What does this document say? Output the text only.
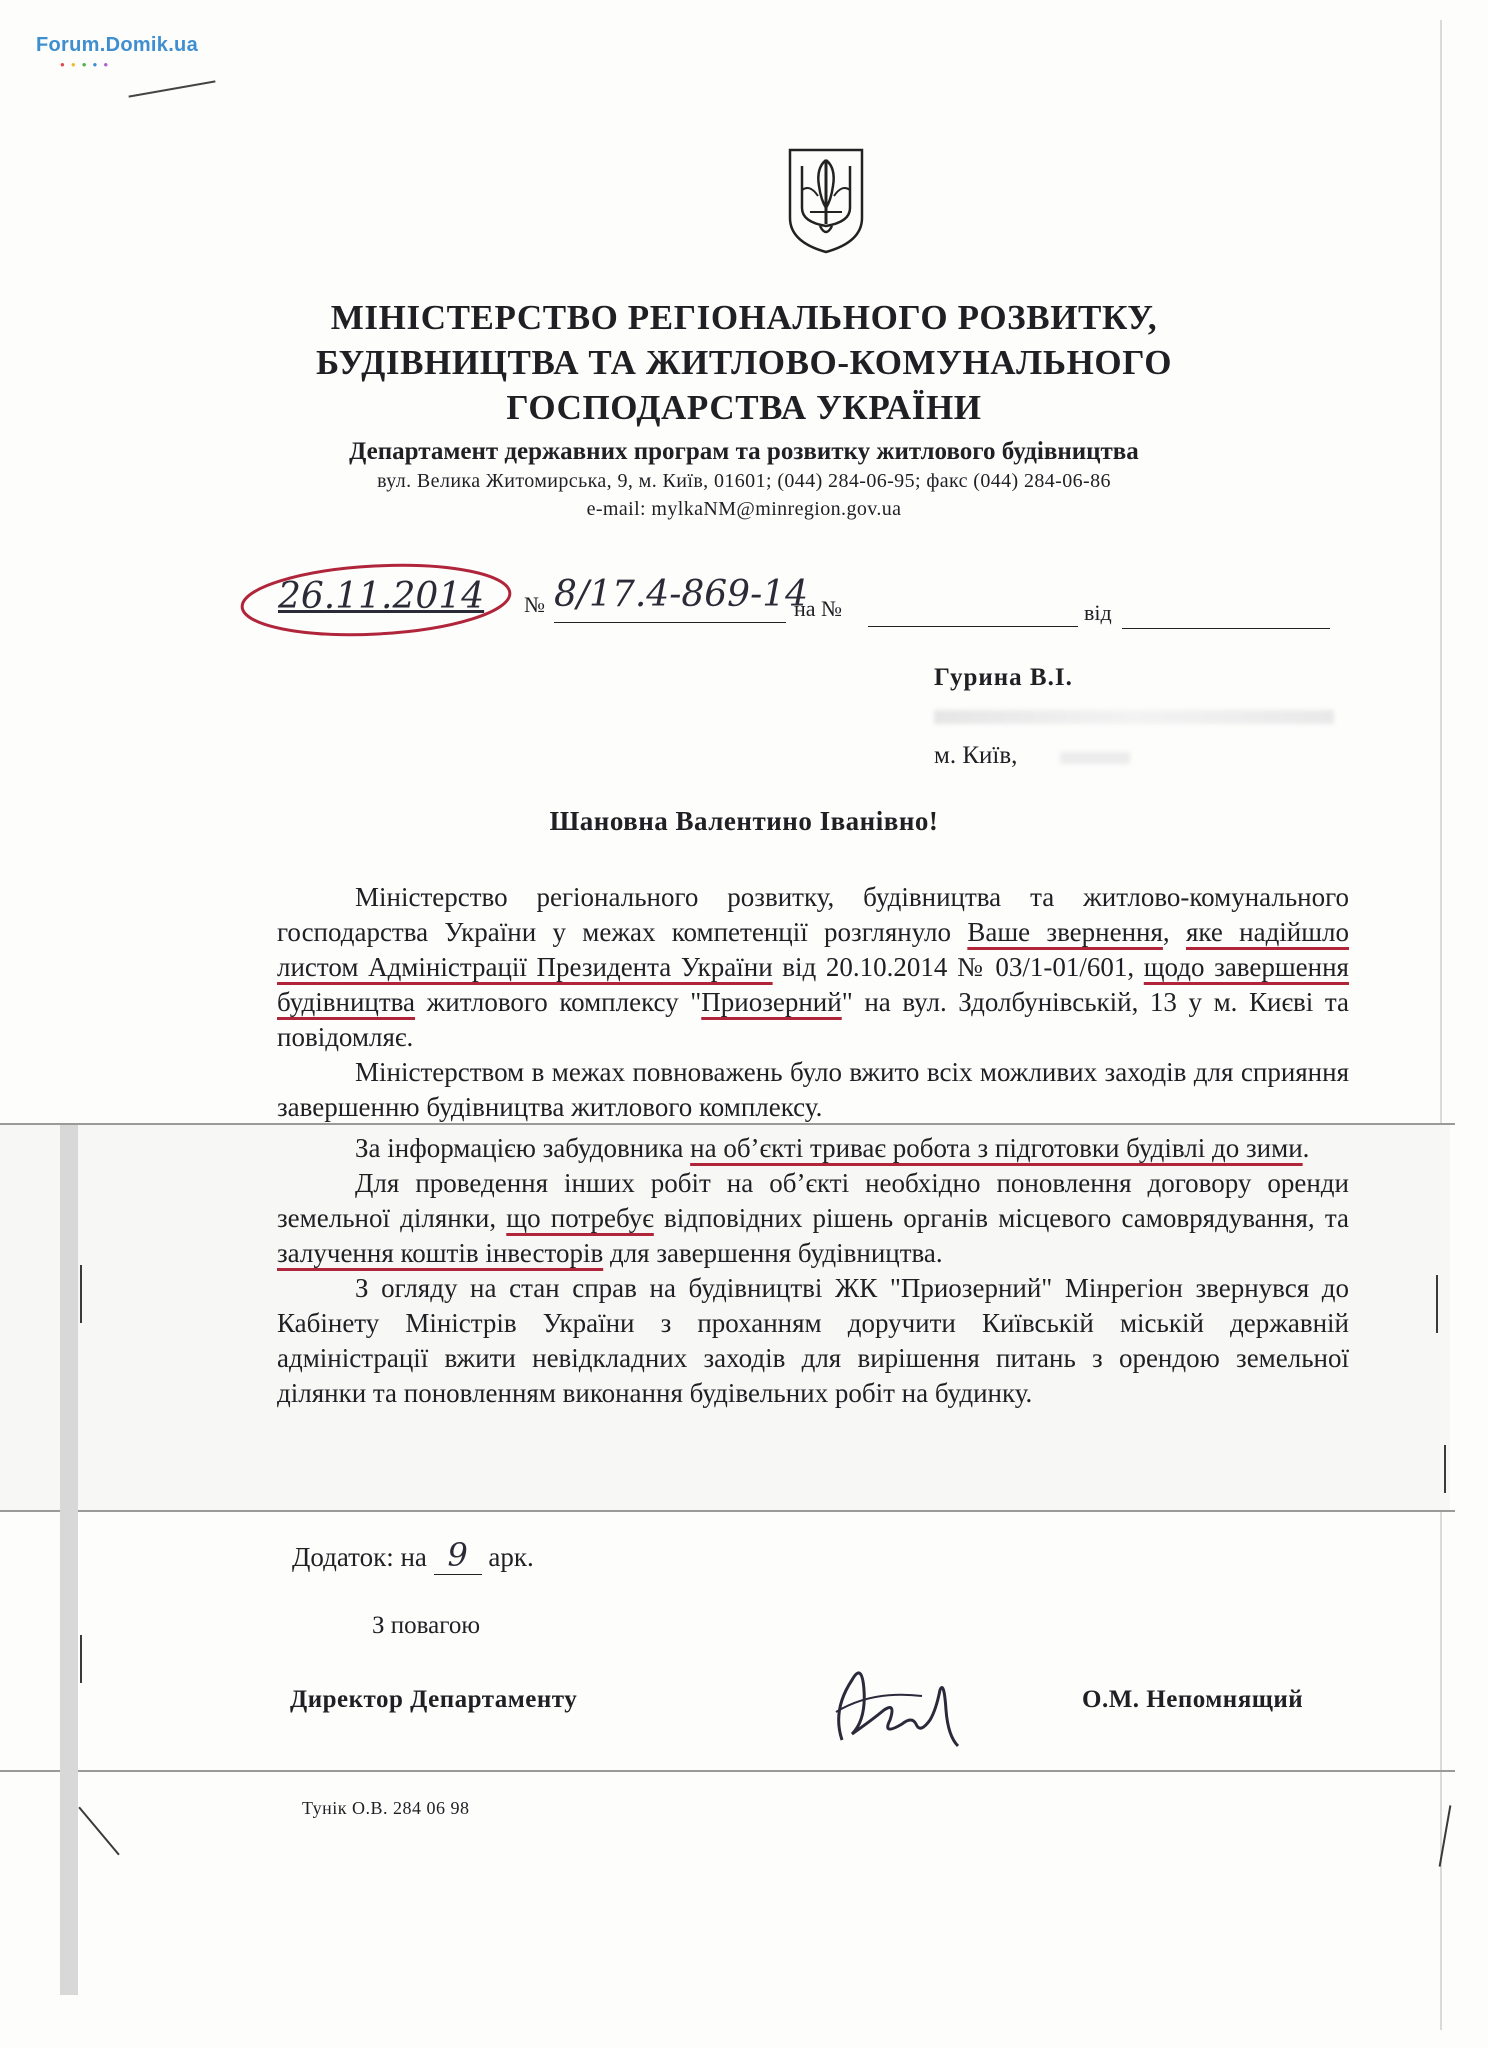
Forum.Domik.ua
●●●●●
МІНІСТЕРСТВО РЕГІОНАЛЬНОГО РОЗВИТКУ,
БУДІВНИЦТВА ТА ЖИТЛОВО-КОМУНАЛЬНОГО
ГОСПОДАРСТВА УКРАЇНИ
Департамент державних програм та розвитку житлового будівництва
вул. Велика Житомирська, 9, м. Київ, 01601; (044) 284-06-95; факс (044) 284-06-86
e-mail: mylkaNM@minregion.gov.ua
26.11.2014 № 8/17.4-869-14
на №	від
Гурина В.І.
м. Київ,
Шановна Валентино Іванівно!

Міністерство регіонального розвитку, будівництва та житлово-комунального господарства України у межах компетенції розглянуло Ваше звернення, яке надійшло листом Адміністрації Президента України від 20.10.2014 № 03/1-01/601, щодо завершення будівництва житлового комплексу "Приозерний" на вул. Здолбунівській, 13 у м. Києві та повідомляє.

Міністерством в межах повноважень було вжито всіх можливих заходів для сприяння завершенню будівництва житлового комплексу.

За інформацією забудовника на об’єкті триває робота з підготовки будівлі до зими.

Для проведення інших робіт на об’єкті необхідно поновлення договору оренди земельної ділянки, що потребує відповідних рішень органів місцевого самоврядування, та залучення коштів інвесторів для завершення будівництва.

З огляду на стан справ на будівництві ЖК "Приозерний" Мінрегіон звернувся до Кабінету Міністрів України з проханням доручити Київській міській державній адміністрації вжити невідкладних заходів для вирішення питань з орендою земельної ділянки та поновленням виконання будівельних робіт на будинку.

Додаток: на 9 арк.
З повагою
Директор Департаменту	О.М. Непомнящий
Тунік О.В. 284 06 98
